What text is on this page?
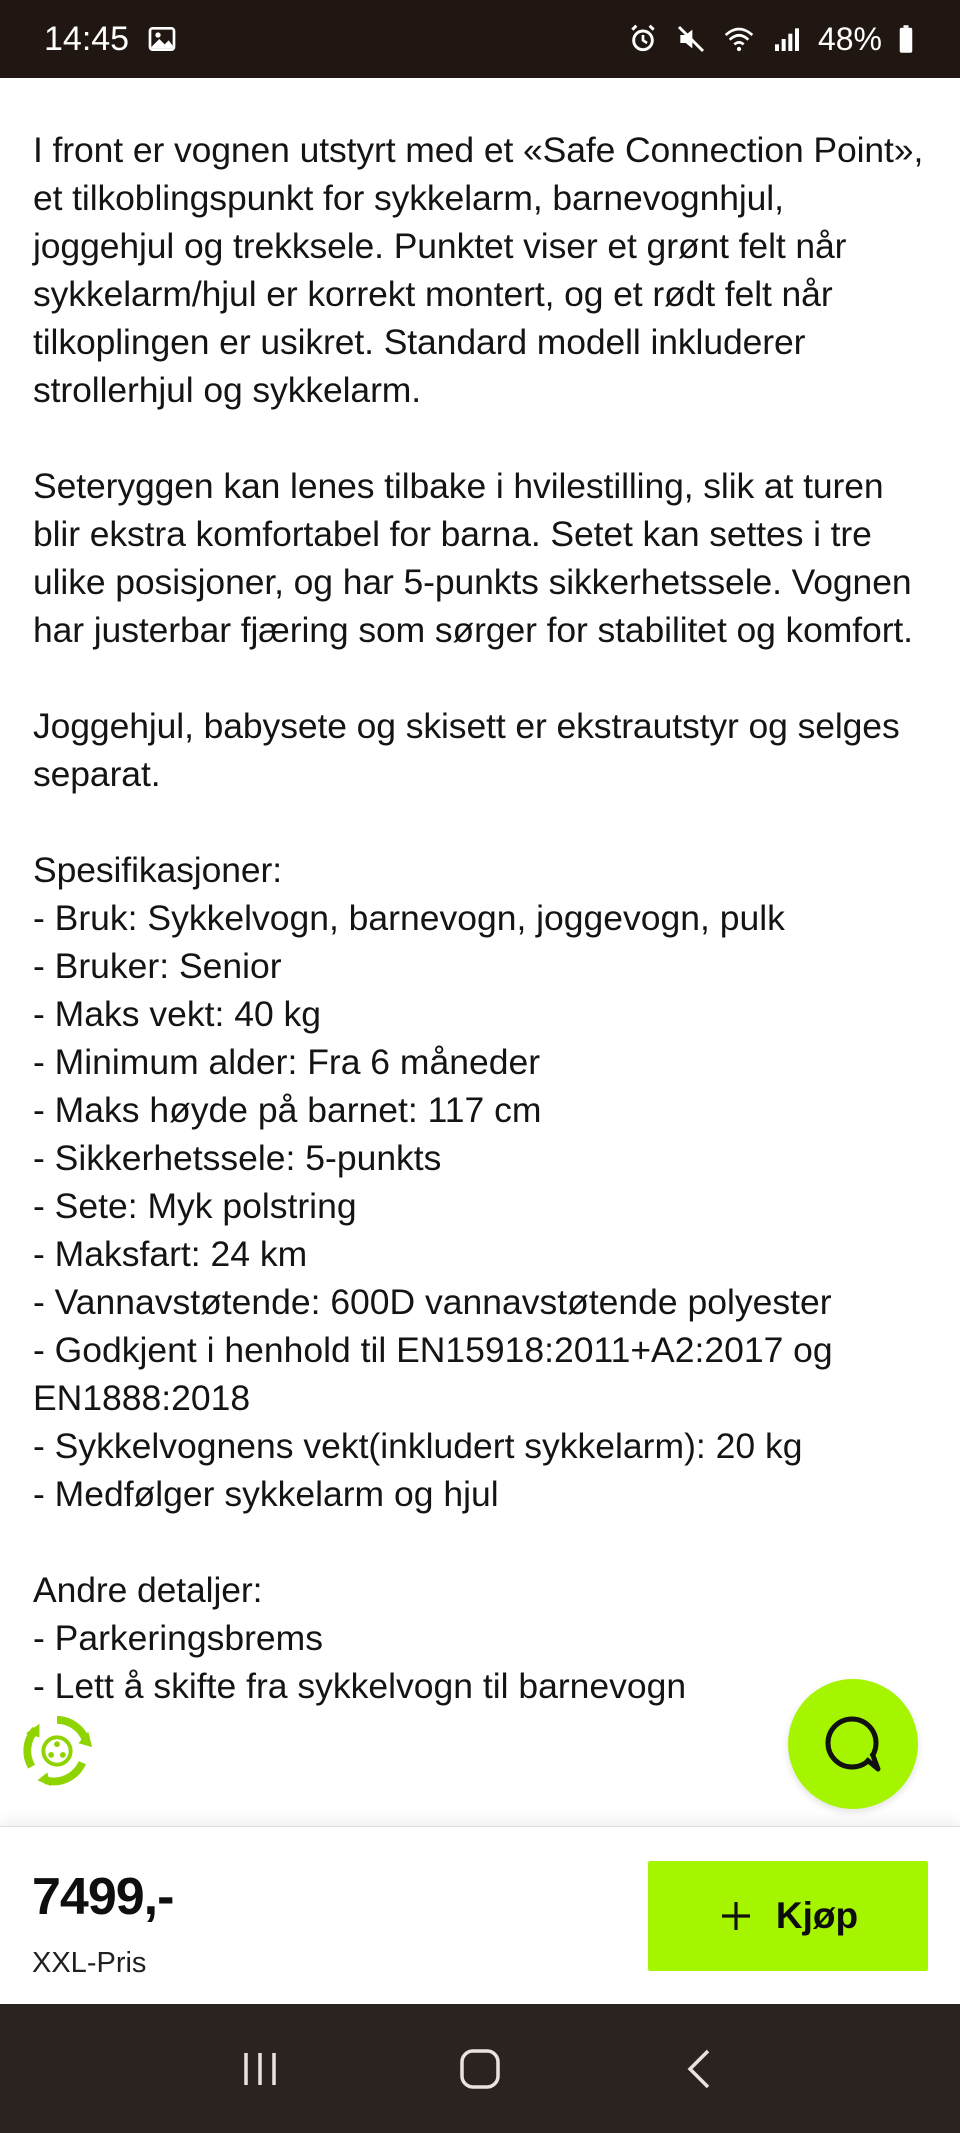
14:45	48%

I front er vognen utstyrt med et «Safe Connection Point», et tilkoblingspunkt for sykkelarm, barnevognhjul, joggehjul og trekksele. Punktet viser et grønt felt når sykkelarm/hjul er korrekt montert, og et rødt felt når tilkoplingen er usikret. Standard modell inkluderer strollerhjul og sykkelarm.

Seteryggen kan lenes tilbake i hvilestilling, slik at turen blir ekstra komfortabel for barna. Setet kan settes i tre ulike posisjoner, og har 5-punkts sikkerhetssele. Vognen har justerbar fjæring som sørger for stabilitet og komfort.

Joggehjul, babysete og skisett er ekstrautstyr og selges separat.

Spesifikasjoner:

- Bruk: Sykkelvogn, barnevogn, joggevogn, pulk
- Bruker: Senior
- Maks vekt: 40 kg
- Minimum alder: Fra 6 måneder
- Maks høyde på barnet: 117 cm
- Sikkerhetssele: 5-punkts
- Sete: Myk polstring
- Maksfart: 24 km
- Vannavstøtende: 600D vannavstøtende polyester
- Godkjent i henhold til EN15918:2011+A2:2017 og EN1888:2018
- Sykkelvognens vekt(inkludert sykkelarm): 20 kg
- Medfølger sykkelarm og hjul

Andre detaljer:

- Parkeringsbrems
- Lett å skifte fra sykkelvogn til barnevogn
7499,-
XXL-Pris
Kjøp
